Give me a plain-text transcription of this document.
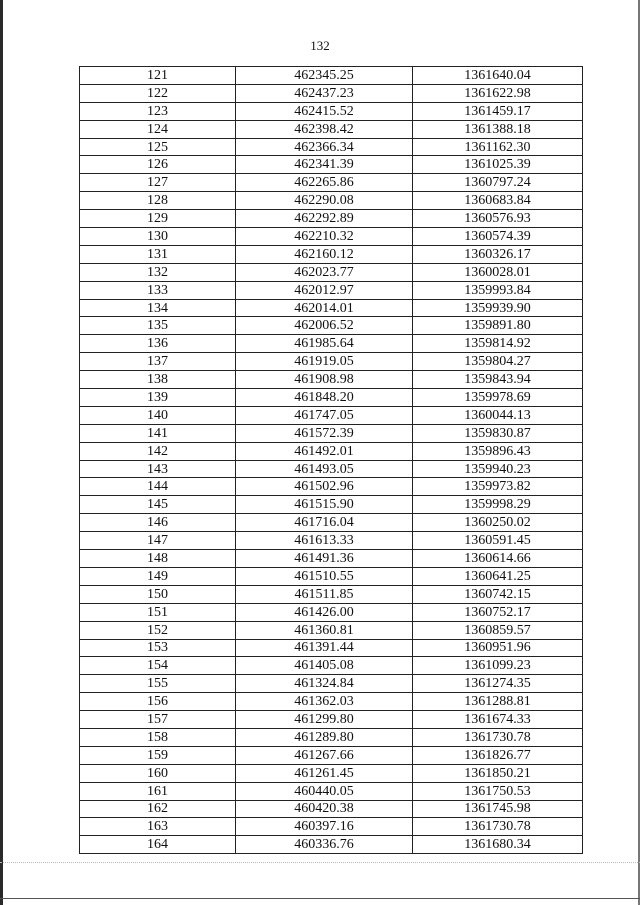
132
121	462345.25	1361640.04
122	462437.23	1361622.98
123	462415.52	1361459.17
124	462398.42	1361388.18
125	462366.34	1361162.30
126	462341.39	1361025.39
127	462265.86	1360797.24
128	462290.08	1360683.84
129	462292.89	1360576.93
130	462210.32	1360574.39
131	462160.12	1360326.17
132	462023.77	1360028.01
133	462012.97	1359993.84
134	462014.01	1359939.90
135	462006.52	1359891.80
136	461985.64	1359814.92
137	461919.05	1359804.27
138	461908.98	1359843.94
139	461848.20	1359978.69
140	461747.05	1360044.13
141	461572.39	1359830.87
142	461492.01	1359896.43
143	461493.05	1359940.23
144	461502.96	1359973.82
145	461515.90	1359998.29
146	461716.04	1360250.02
147	461613.33	1360591.45
148	461491.36	1360614.66
149	461510.55	1360641.25
150	461511.85	1360742.15
151	461426.00	1360752.17
152	461360.81	1360859.57
153	461391.44	1360951.96
154	461405.08	1361099.23
155	461324.84	1361274.35
156	461362.03	1361288.81
157	461299.80	1361674.33
158	461289.80	1361730.78
159	461267.66	1361826.77
160	461261.45	1361850.21
161	460440.05	1361750.53
162	460420.38	1361745.98
163	460397.16	1361730.78
164	460336.76	1361680.34
